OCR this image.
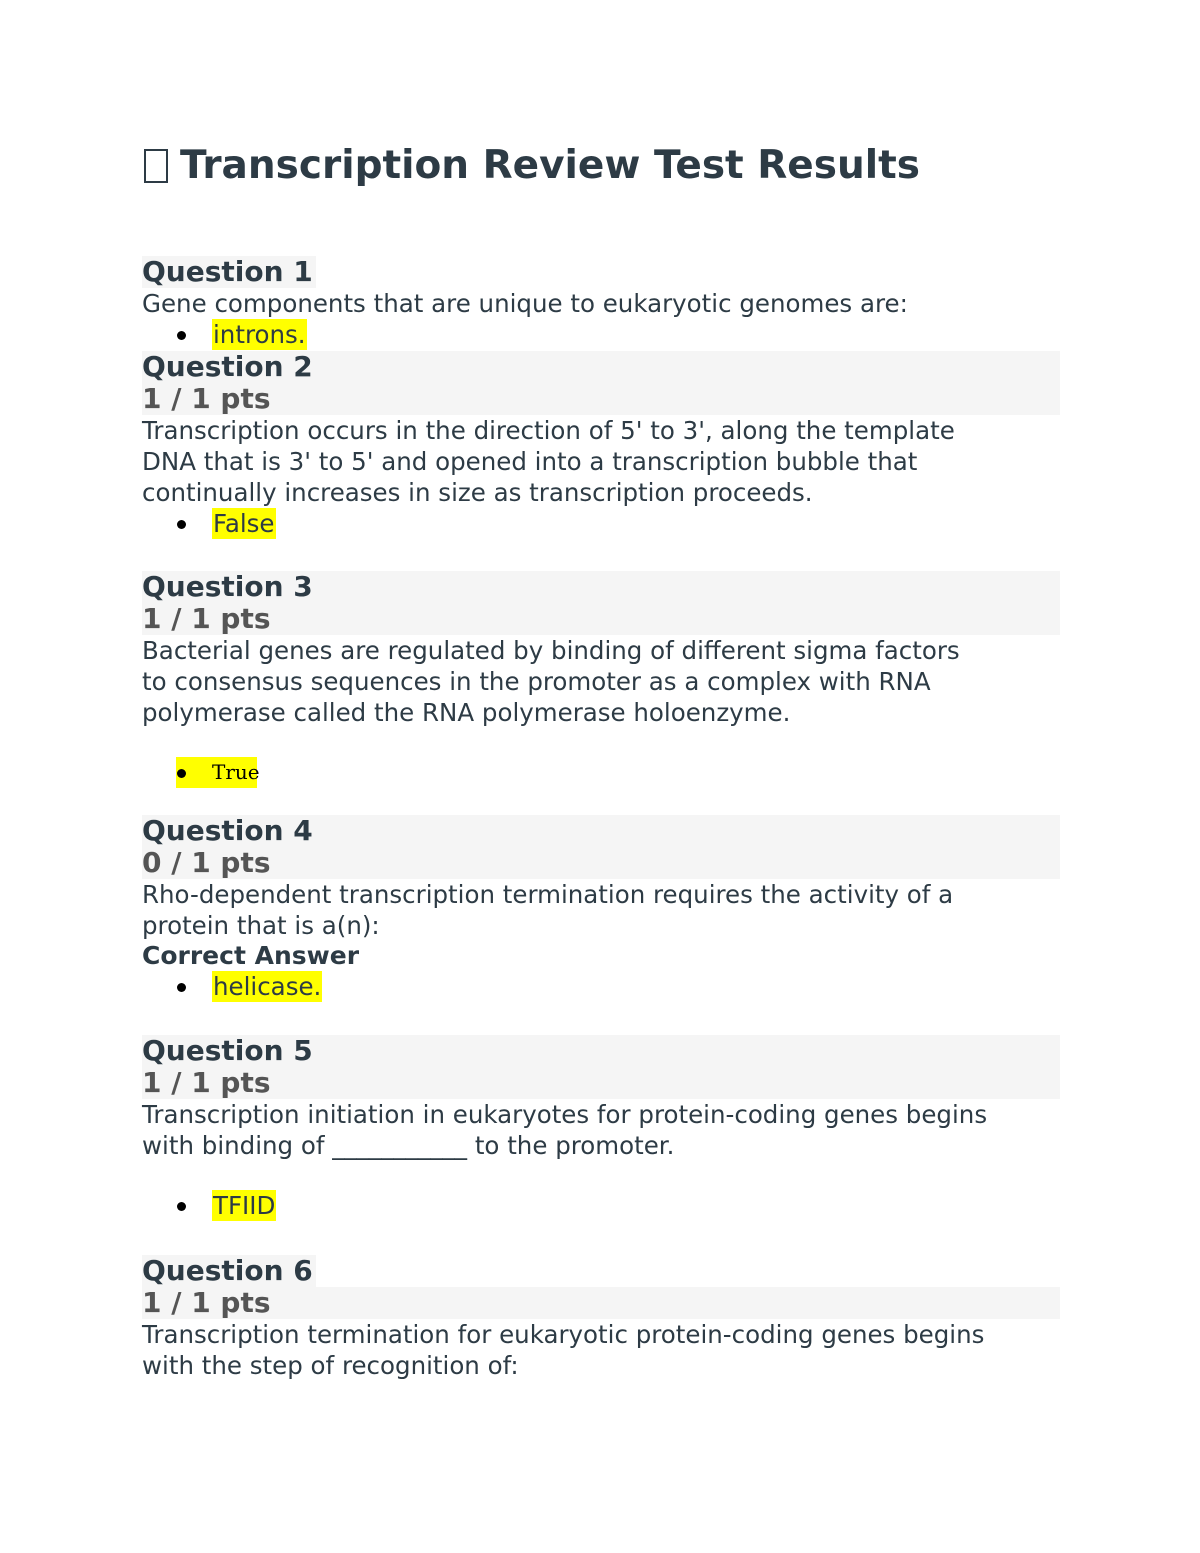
Transcription Review Test Results
Question 1
Gene components that are unique to eukaryotic genomes are:
introns.
Question 2
1 / 1 pts
Transcription occurs in the direction of 5' to 3', along the template
DNA that is 3' to 5' and opened into a transcription bubble that
continually increases in size as transcription proceeds.
False
Question 3
1 / 1 pts
Bacterial genes are regulated by binding of different sigma factors
to consensus sequences in the promoter as a complex with RNA
polymerase called the RNA polymerase holoenzyme.
True
Question 4
0 / 1 pts
Rho-dependent transcription termination requires the activity of a
protein that is a(n):
Correct Answer
helicase.
Question 5
1 / 1 pts
Transcription initiation in eukaryotes for protein-coding genes begins
with binding of ___________ to the promoter.
TFIID
Question 6
1 / 1 pts
Transcription termination for eukaryotic protein-coding genes begins
with the step of recognition of:
